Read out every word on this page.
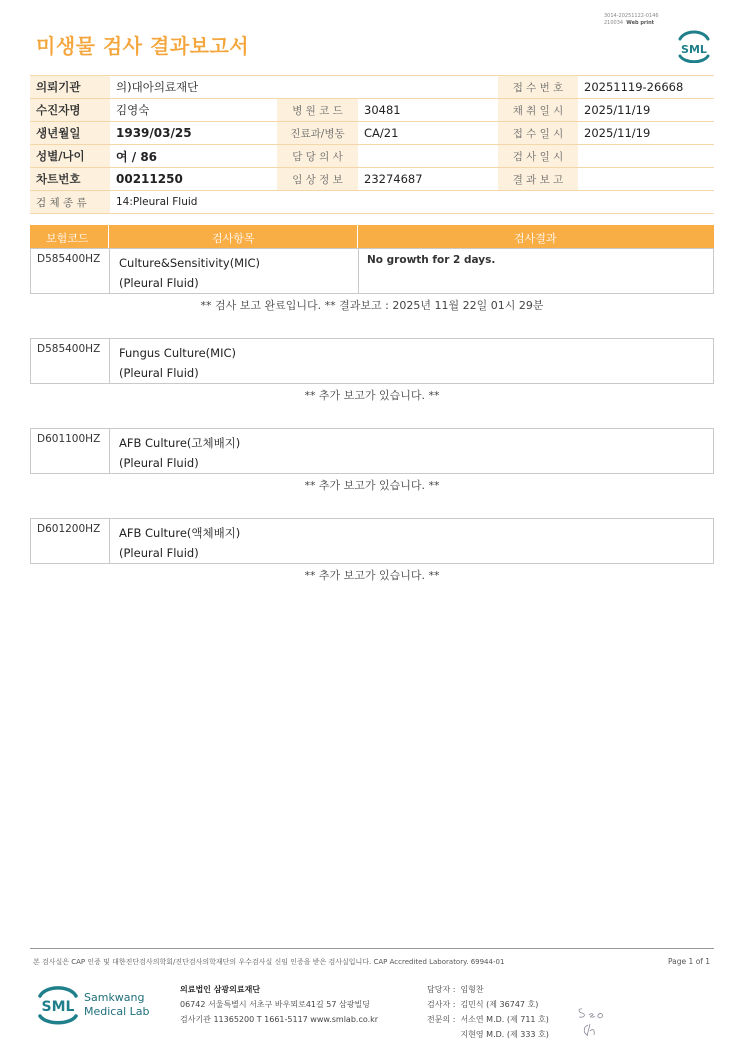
3014-20251122-0146
210034 Web print
미생물 검사 결과보고서	SML
의뢰기관	의)대아의료재단			접 수 번 호	20251119-26668
수진자명	김영숙	병 원 코 드	30481	채 취 일 시	2025/11/19
생년월일	1939/03/25	진료과/병동	CA/21	접 수 일 시	2025/11/19
성별/나이	여 / 86	담 당 의 사		검 사 일 시	
차트번호	00211250	임 상 정 보	23274687	결 과 보 고	
검 체 종 류	14:Pleural Fluid				
보험코드	검사항목	검사결과
D585400HZ Culture&Sensitivity(MIC)
(Pleural Fluid)
No growth for 2 days.
** 검사 보고 완료입니다. ** 결과보고 : 2025년 11월 22일 01시 29분
D585400HZ Fungus Culture(MIC)
(Pleural Fluid)
** 추가 보고가 있습니다. **
D601100HZ AFB Culture(고체배지)
(Pleural Fluid)
** 추가 보고가 있습니다. **
D601200HZ AFB Culture(액체배지)
(Pleural Fluid)
** 추가 보고가 있습니다. **
본 검사실은 CAP 인증 및 대한진단검사의학회/진단검사의학재단의 우수검사실 신임 인증을 받은 검사실입니다. CAP Accredited Laboratory. 69944-01	Page 1 of 1
SML
Samkwang
Medical Lab
의료법인 삼광의료재단
06742 서울특별시 서초구 바우뫼로41길 57 삼광빌딩
검사기관 11365200 T 1661-5117 www.smlab.co.kr
담당자 :	임형찬
검사자 :	김민식 (제 36747 호)
전문의 :	서소연 M.D. (제 711 호)
	지현영 M.D. (제 333 호)
